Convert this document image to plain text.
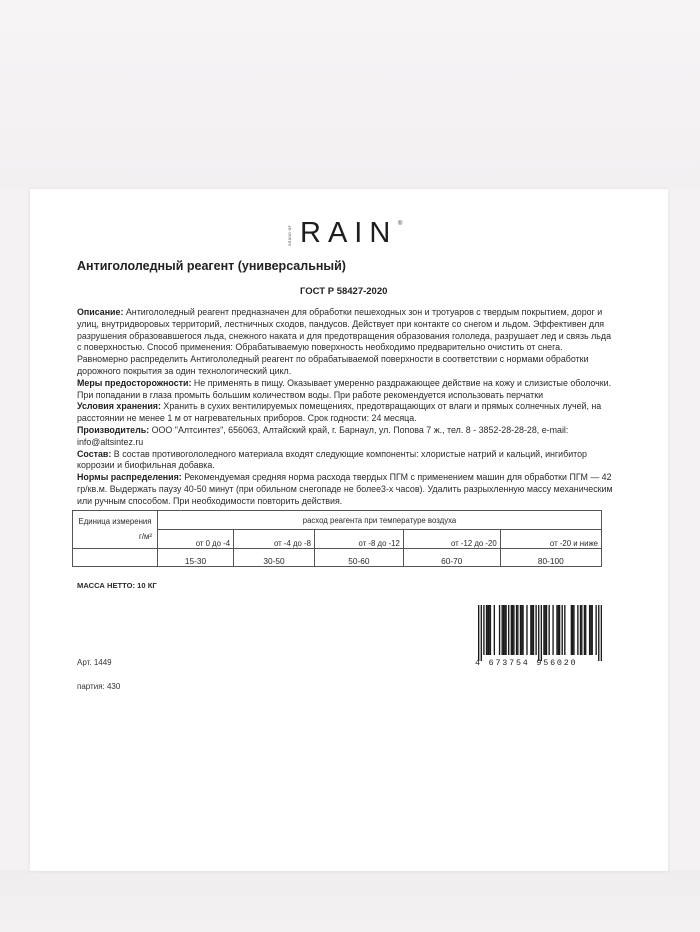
SOUND OF RAIN ®
Антигололедный реагент (универсальный)
ГОСТ Р 58427-2020

Описание: Антигололедный реагент предназначен для обработки пешеходных зон и тротуаров с твердым покрытием, дорог и улиц, внутридворовых территорий, лестничных сходов, пандусов. Действует при контакте со снегом и льдом. Эффективен для разрушения образовавшегося льда, снежного наката и для предотвращения образования гололеда, разрушает лед и связь льда с поверхностью. Способ применения: Обрабатываемую поверхность необходимо предварительно очистить от снега. Равномерно распределить Антигололедный реагент по обрабатываемой поверхности в соответствии с нормами обработки дорожного покрытия за один технологический цикл.

Меры предосторожности: Не применять в пищу. Оказывает умеренно раздражающее действие на кожу и слизистые оболочки. При попадании в глаза промыть большим количеством воды. При работе рекомендуется использовать перчатки

Условия хранения: Хранить в сухих вентилируемых помещениях, предотвращающих от влаги и прямых солнечных лучей, на расстоянии не менее 1 м от нагревательных приборов. Срок годности: 24 месяца.

Производитель: ООО "Алтсинтез", 656063, Алтайский край, г. Барнаул, ул. Попова 7 ж., тел. 8 - 3852-28-28-28, e-mail: info@altsintez.ru

Состав: В состав противогололедного материала входят следующие компоненты: хлористые натрий и кальций, ингибитор коррозии и биофильная добавка.

Нормы распределения: Рекомендуемая средняя норма расхода твердых ПГМ с применением машин для обработки ПГМ — 42 гр/кв.м. Выдержать паузу 40-50 минут (при обильном снегопаде не более3-х часов). Удалить разрыхленную массу механическим или ручным способом. При необходимости повторить действия.

Единица измерения
г/м²	расход реагента при температуре воздуха				
	от 0 до -4	от -4 до -8	от -8 до -12	от -12 до -20	от -20 и ниже
	15-30	30-50	50-60	60-70	80-100
МАССА НЕТТО: 10 КГ
Арт. 1449
партия: 430
4 673754 956020
